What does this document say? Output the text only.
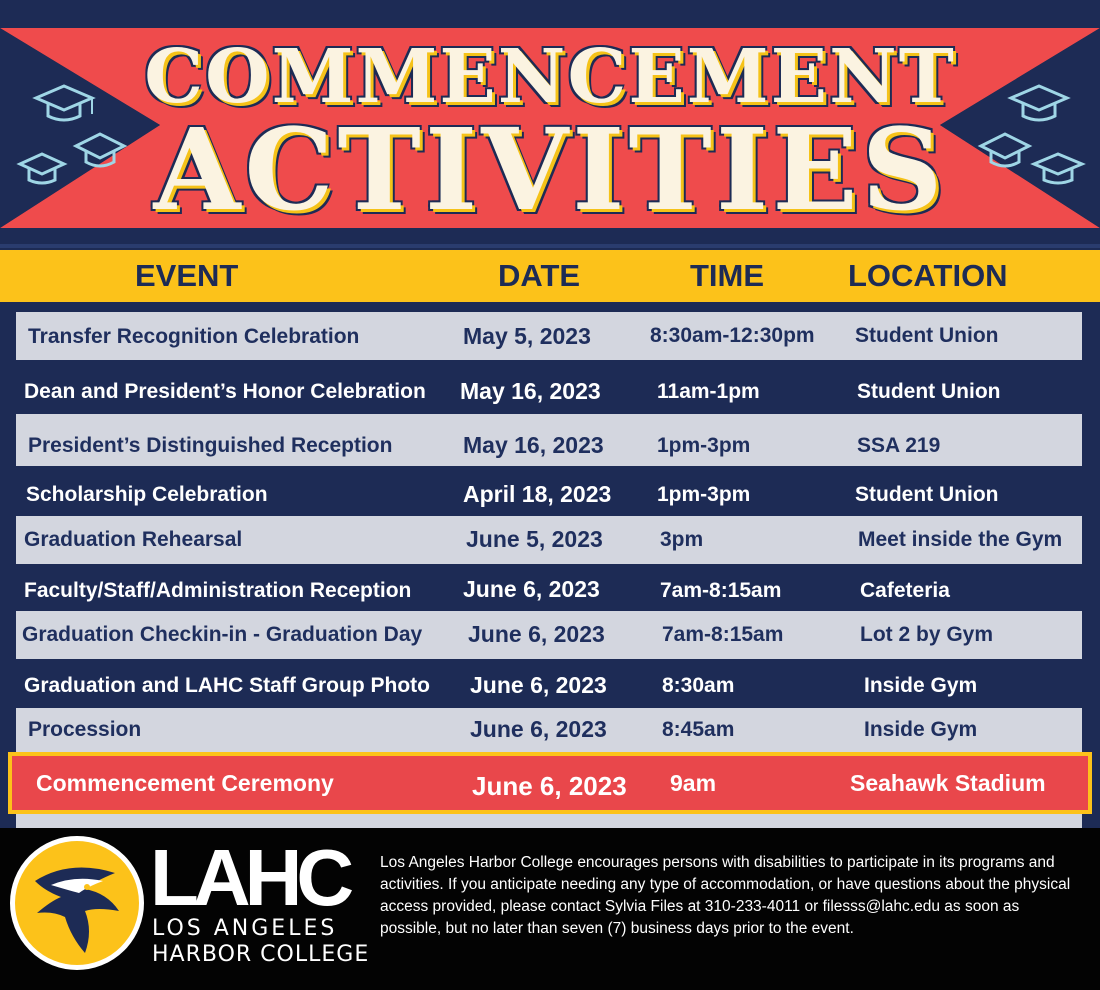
COMMENCEMENT
ACTIVITIES
EVENT	DATE	TIME	LOCATION
Transfer Recognition Celebration	May 5, 2023	8:30am-12:30pm Student Union
Dean and President’s Honor Celebration May 16, 2023	11am-1pm	Student Union
President’s Distinguished Reception	May 16, 2023	1pm-3pm	SSA 219
Scholarship Celebration	April 18, 2023 1pm-3pm	Student Union
Graduation Rehearsal	June 5, 2023	3pm	Meet inside the Gym
Faculty/Staff/Administration Reception June 6, 2023	7am-8:15am	Cafeteria
Graduation Checkin-in - Graduation Day June 6, 2023	7am-8:15am	Lot 2 by Gym
Graduation and LAHC Staff Group Photo June 6, 2023	8:30am	Inside Gym
Procession	June 6, 2023	8:45am	Inside Gym
Commencement Ceremony	June 6, 2023 9am	Seahawk Stadium
LAHC
LOS ANGELES
HARBOR COLLEGE
Los Angeles Harbor College encourages persons with disabilities to participate in its programs and activities. If you anticipate needing any type of accommodation, or have questions about the physical access provided, please contact Sylvia Files at 310-233-4011 or filesss@lahc.edu as soon as possible, but no later than seven (7) business days prior to the event.
